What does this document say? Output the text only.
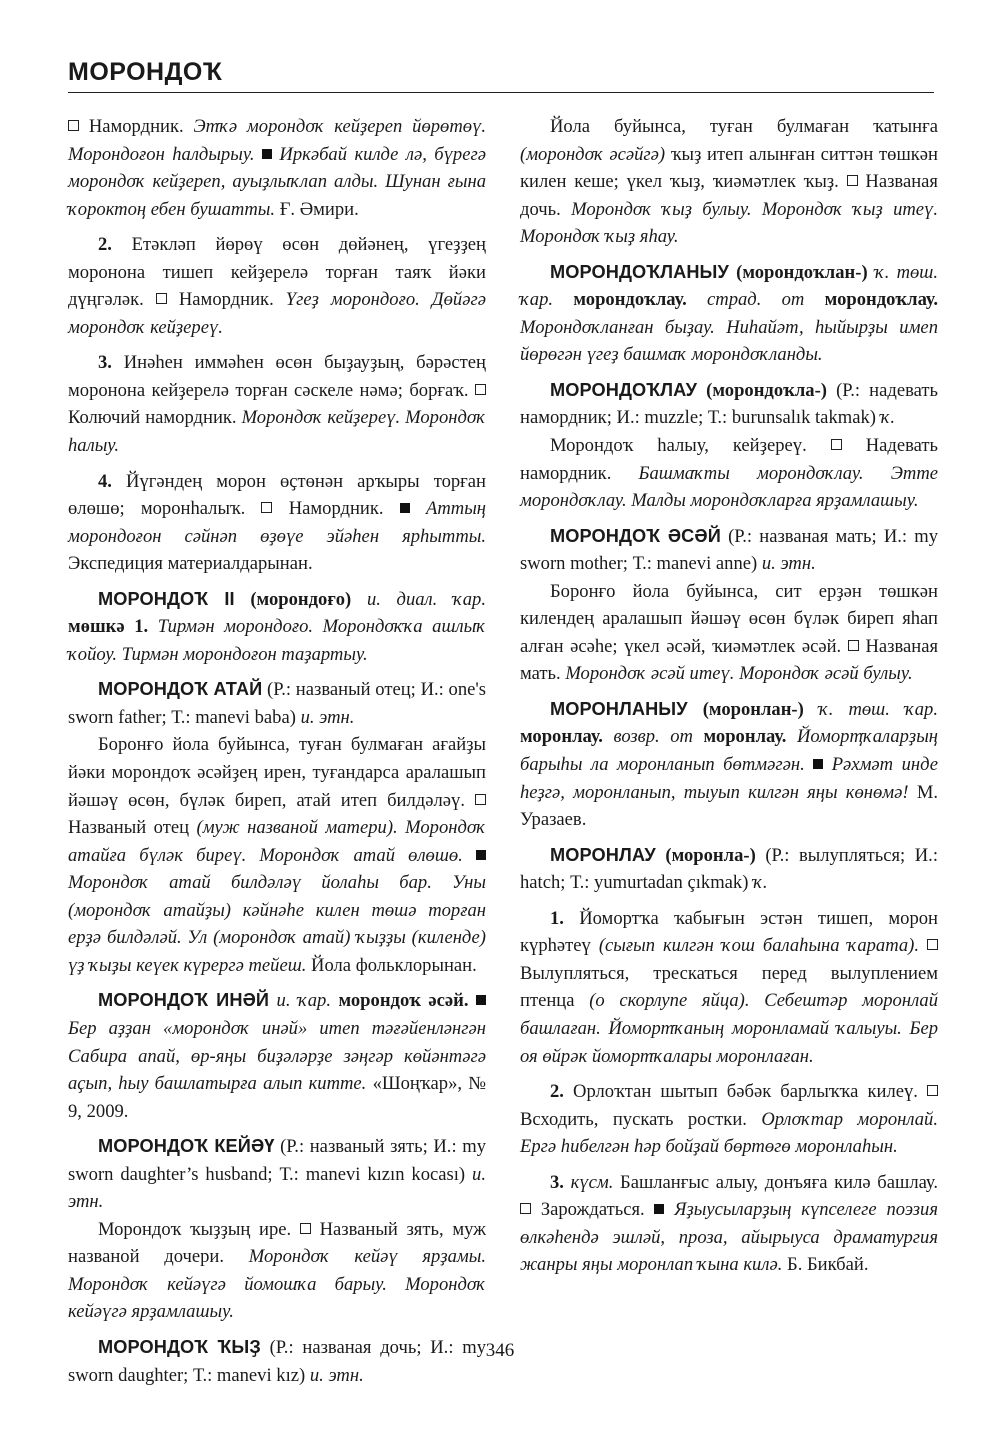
МОРОНДОҠ

Намордник. Этҡә морондоҡ кейҙереп йөрөтөү. Морондоғон һалдырыу. Иркәбай килде лә, бүрегә морондоҡ кейҙереп, ауыҙлыҡлап алды. Шунан ғына ҡороктоң ебен бушатты. Ғ. Әмири.

2. Етәкләп йөрөү өсөн дөйәнең, үгеҙҙең моронона тишеп кейҙерелә торған таяҡ йәки дүңгәләк. Намордник. Үгеҙ морондоғо. Дөйәгә морондоҡ кейҙереү.

3. Инәһен иммәһен өсөн быҙауҙың, бәрәстең моронона кейҙерелә торған сәскеле нәмә; борғаҡ.  Колючий намордник. Морондоҡ кейҙереү. Морондоҡ һалыу.

4. Йүгәндең морон өҫтөнән арҡыры торған өлөшө; моронһалыҡ. Намордник. Аттың морондоғон сәйнәп өҙөүе эйәһен ярһытты. Экспедиция материалдарынан.

МОРОНДОҠ II (морондоғо) и. диал. ҡар. мөшкә 1. Тирмән морондоғо. Морондоҡҡа ашлыҡ ҡойоу. Тирмән морондоғон таҙартыу.

МОРОНДОҠ АТАЙ (Р.: названый отец; И.: one's sworn father; Т.: manevi baba) и. этн.

Боронғо йола буйынса, туған булмаған ағайҙы йәки морондоҡ әсәйҙең ирен, туғандарса аралашып йәшәү өсөн, бүләк биреп, атай итеп билдәләү.  Названый отец (муж названой матери). Морондоҡ атайға бүләк биреү. Морондоҡ атай өлөшө.  Морондоҡ атай билдәләү йолаһы бар. Уны (морондоҡ атайҙы) кәйнәһе килен төшә торған ерҙә билдәләй. Ул (морондоҡ атай) ҡыҙҙы (киленде) үҙ ҡыҙы кеүек күрергә тейеш. Йола фольклорынан.

МОРОНДОҠ ИНӘЙ и. ҡар. морондоҡ әсәй.  Бер аҙҙан «морондоҡ инәй» итеп тәғәйенләнгән Сабира апай, өр-яңы биҙәләрҙе зәңгәр көйәнтәгә аҫып, һыу башлатырға алып китте. «Шоңҡар», № 9, 2009.

МОРОНДОҠ КЕЙӘҮ (Р.: названый зять; И.: my sworn daughter’s husband; Т.: manevi kızın kocası) и. этн.

Морондоҡ ҡыҙҙың ире. Названый зять, муж названой дочери. Морондоҡ кейәү ярҙамы. Морондоҡ кейәүгә йомошҡа барыу. Морондоҡ кейәүгә ярҙамлашыу.

МОРОНДОҠ ҠЫҘ (Р.: названая дочь; И.: my sworn daughter; Т.: manevi kız) и. этн.

Йола буйынса, туған булмаған ҡатынға (морондоҡ әсәйгә) ҡыҙ итеп алынған ситтән төшкән килен кеше; үкел ҡыҙ, ҡиәмәтлек ҡыҙ. Названая дочь. Морондоҡ ҡыҙ булыу. Морондоҡ ҡыҙ итеү. Морондоҡ ҡыҙ яһау.

МОРОНДОҠЛАНЫУ (морондоҡлан-) ҡ. төш. ҡар. морондоҡлау. страд. от морондоҡлау. Морондоҡланған быҙау. Ниһайәт, һыйырҙы имеп йөрөгән үгеҙ башмаҡ морондоҡланды.

МОРОНДОҠЛАУ (морондоҡла-) (Р.: надевать намордник; И.: muzzle; Т.: burunsalık takmak) ҡ.

Морондоҡ һалыу, кейҙереү.	Надевать намордник. Башмаҡты морондоҡлау. Этте морондоҡлау. Малды морондоҡларға ярҙамлашыу.

МОРОНДОҠ ӘСӘЙ (Р.: названая мать; И.: my sworn mother; Т.: manevi anne) и. этн.

Боронғо йола буйынса, сит ерҙән төшкән килендең аралашып йәшәү өсөн бүләк биреп яһап алған әсәһе; үкел әсәй, ҡиәмәтлек әсәй. Названая мать. Морондоҡ әсәй итеү. Морондоҡ әсәй булыу.

МОРОНЛАНЫУ (моронлан-) ҡ. төш. ҡар. моронлау. возвр. от моронлау. Йоморҭҡаларҙың барыһы ла моронланып бөтмәгән. Рәхмәт инде һеҙгә, моронланып, тыуып килгән яңы көнөмә! М. Уразаев.

МОРОНЛАУ (моронла-) (Р.: вылупляться; И.: hatch; Т.: yumurtadan çıkmak) ҡ.

1. Йомортҡа ҡабығын эстән тишеп, морон күрһәтеү (сығып килгән ҡош балаһына ҡарата).  Вылупляться, трескаться перед вылуплением птенца (о скорлупе яйца). Себештәр моронлай башлаған. Йомортҡаның моронламай ҡалыуы. Бер оя өйрәк йомортҡалары моронлаған.

2. Орлоҡтан шытып бәбәк барлыҡҡа килеү.  Всходить, пускать ростки. Орлоҡтар моронлай. Ергә һибелгән һәр бойҙай бөртөгө моронлаһын.

3. күсм. Башланғыс алыу, донъяға килә башлау.  Зарождаться. Яҙыусыларҙың күпселеге поэзия өлкәһендә эшләй, проза, айырыуса драматургия жанры яңы моронлап ҡына килә. Б. Бикбай.

346
